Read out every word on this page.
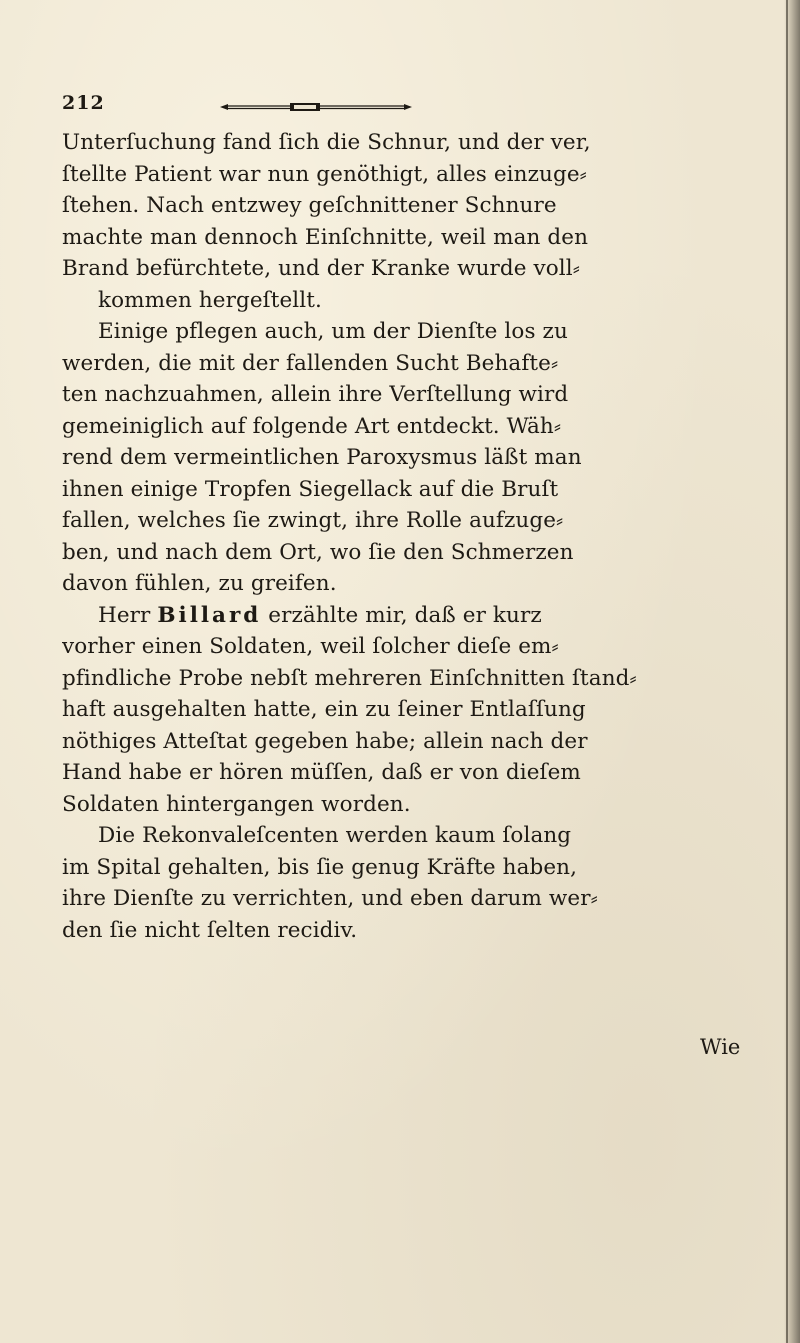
212
Unterſuchung fand ſich die Schnur, und der ver,
ſtellte Patient war nun genöthigt, alles einzuge⸗
ſtehen. Nach entzwey geſchnittener Schnure
machte man dennoch Einſchnitte, weil man den
Brand befürchtete, und der Kranke wurde voll⸗
kommen hergeſtellt.
Einige pflegen auch, um der Dienſte los zu
werden, die mit der fallenden Sucht Behafte⸗
ten nachzuahmen, allein ihre Verſtellung wird
gemeiniglich auf folgende Art entdeckt. Wäh⸗
rend dem vermeintlichen Paroxysmus läßt man
ihnen einige Tropfen Siegellack auf die Bruſt
fallen, welches ſie zwingt, ihre Rolle aufzuge⸗
ben, und nach dem Ort, wo ſie den Schmerzen
davon fühlen, zu greifen.
Herr Billard erzählte mir, daß er kurz
vorher einen Soldaten, weil ſolcher dieſe em⸗
pfindliche Probe nebſt mehreren Einſchnitten ſtand⸗
haft ausgehalten hatte, ein zu ſeiner Entlaſſung
nöthiges Atteſtat gegeben habe; allein nach der
Hand habe er hören müſſen, daß er von dieſem
Soldaten hintergangen worden.
Die Rekonvaleſcenten werden kaum ſolang
im Spital gehalten, bis ſie genug Kräfte haben,
ihre Dienſte zu verrichten, und eben darum wer⸗
den ſie nicht ſelten recidiv.
Wie
